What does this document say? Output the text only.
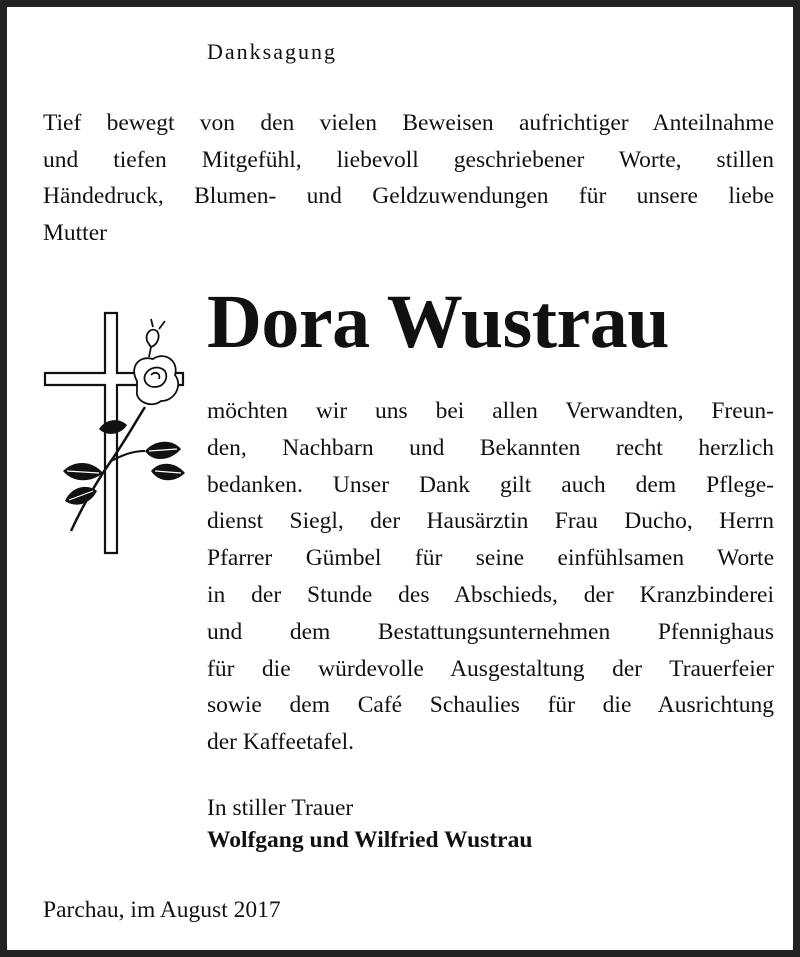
Danksagung

Tief bewegt von den vielen Beweisen aufrichtiger Anteilnahme
und tiefen Mitgefühl, liebevoll geschriebener Worte, stillen
Händedruck, Blumen- und Geldzuwendungen für unsere liebe
Mutter

Dora Wustrau

möchten wir uns bei allen Verwandten, Freun-
den, Nachbarn und Bekannten recht herzlich
bedanken. Unser Dank gilt auch dem Pflege-
dienst Siegl, der Hausärztin Frau Ducho, Herrn
Pfarrer Gümbel für seine einfühlsamen Worte
in der Stunde des Abschieds, der Kranzbinderei
und dem Bestattungsunternehmen Pfennighaus
für die würdevolle Ausgestaltung der Trauerfeier
sowie dem Café Schaulies für die Ausrichtung
der Kaffeetafel.

In stiller Trauer
Wolfgang und Wilfried Wustrau
Parchau, im August 2017
